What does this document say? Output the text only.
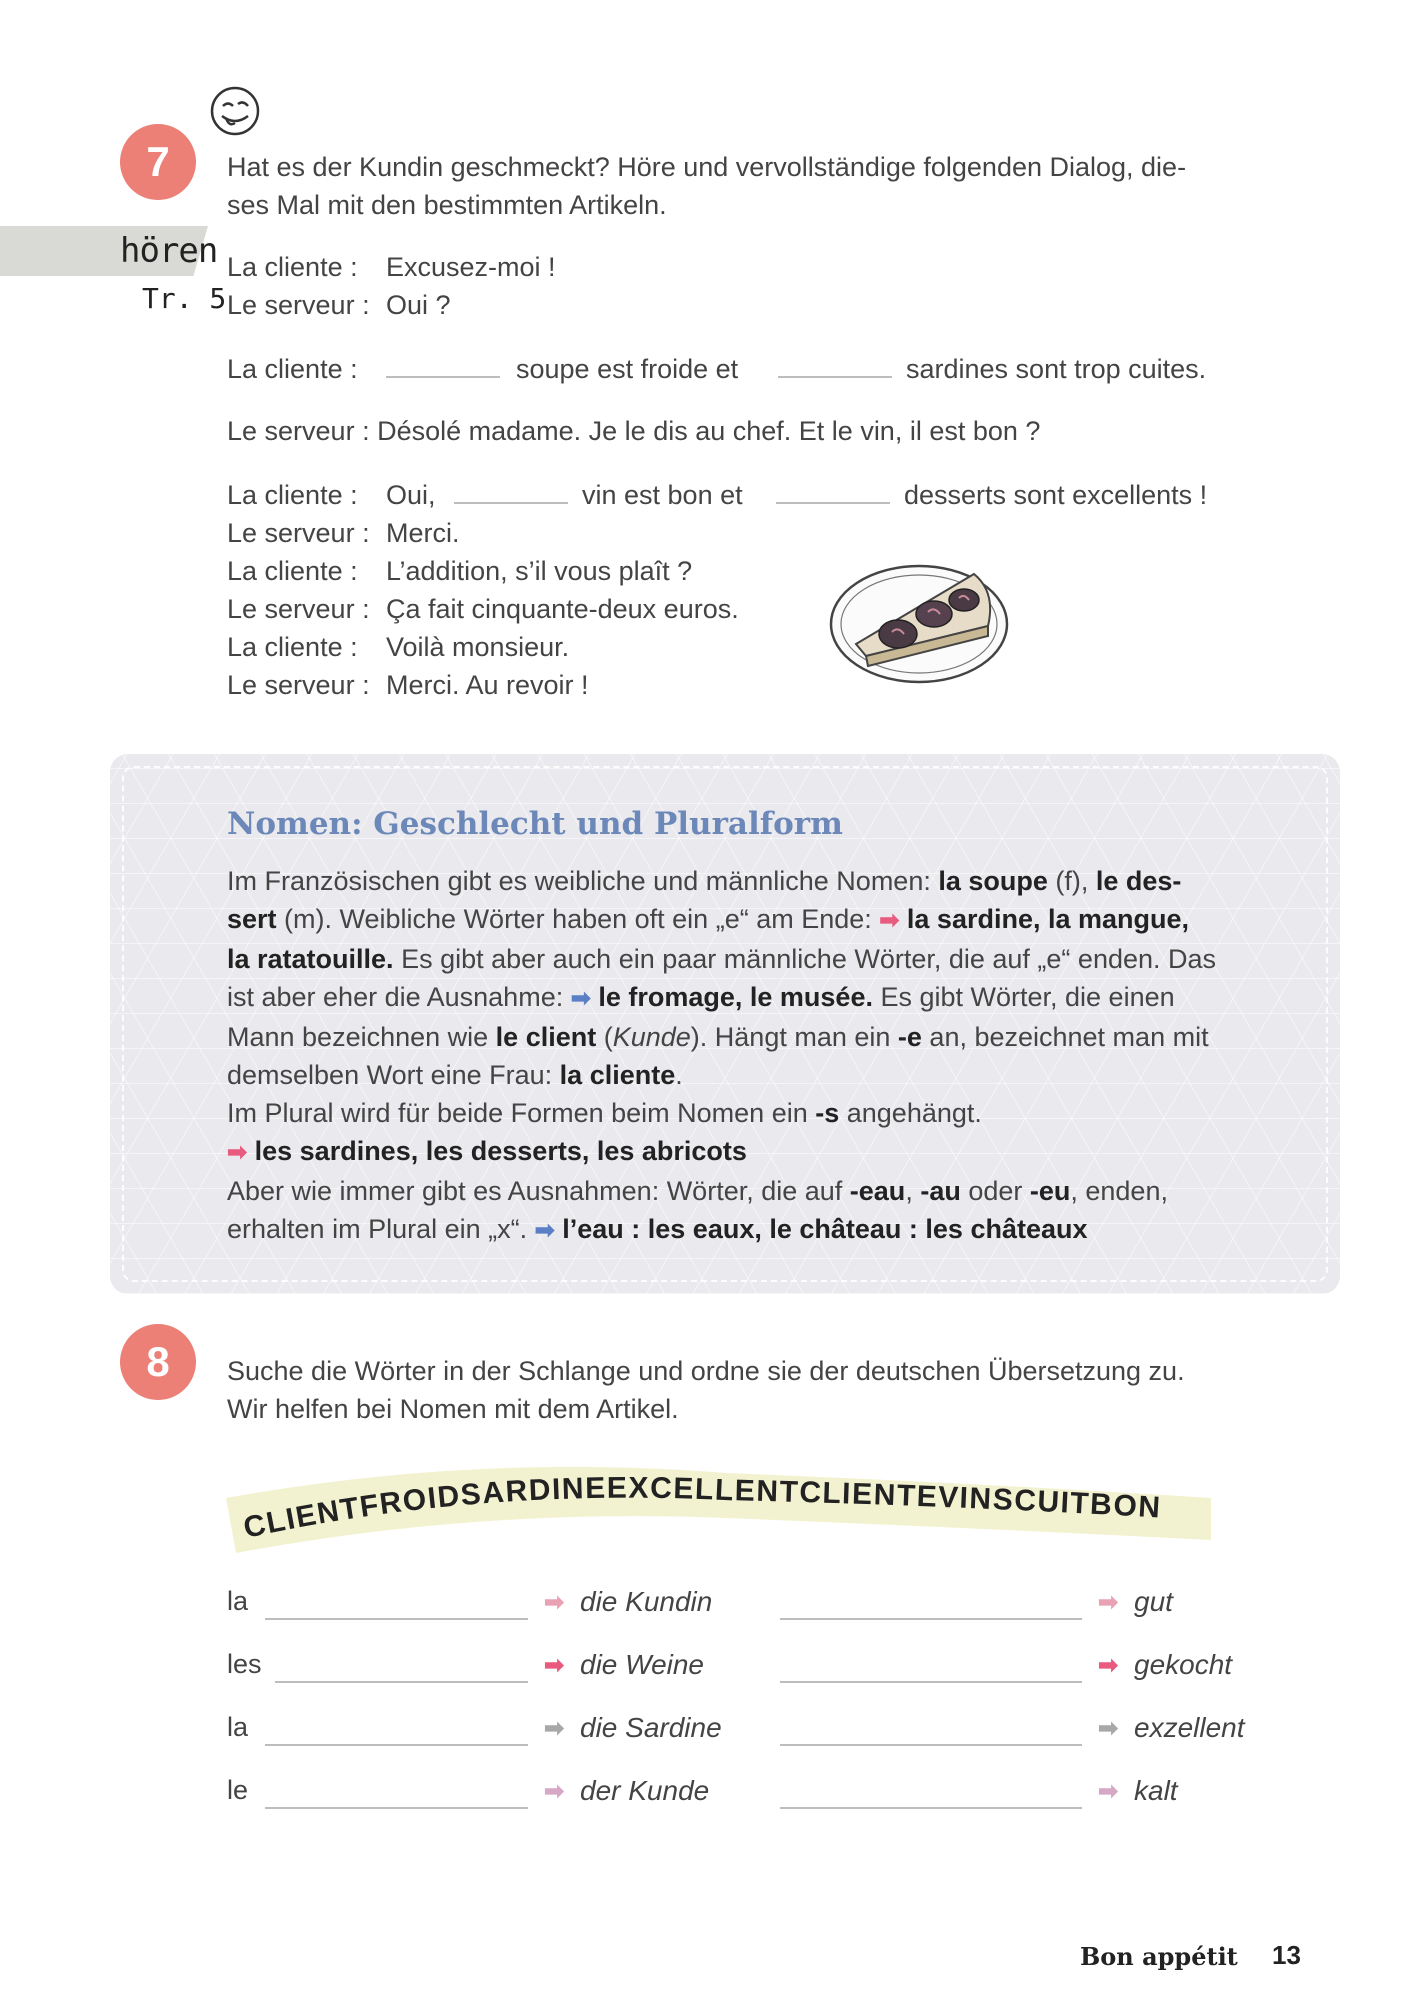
7 Hat es der Kundin geschmeckt? Höre und vervollständige folgenden Dialog, die-
ses Mal mit den bestimmten Artikeln.
hören
Tr. 5
La cliente : Excusez-moi !
Le serveur : Oui ?
La cliente :	soupe est froide et	sardines sont trop cuites.
Le serveur : Désolé madame. Je le dis au chef. Et le vin, il est bon ?
La cliente : Oui,	vin est bon et	desserts sont excellents !
Le serveur : Merci.
La cliente : L’addition, s’il vous plaît ?
Le serveur : Ça fait cinquante-deux euros.
La cliente : Voilà monsieur.
Le serveur : Merci. Au revoir !
Nomen: Geschlecht und Pluralform

Im Französischen gibt es weibliche und männliche Nomen: la soupe (f), le des-

sert (m). Weibliche Wörter haben oft ein „e“ am Ende: ➡ la sardine, la mangue,

la ratatouille. Es gibt aber auch ein paar männliche Wörter, die auf „e“ enden. Das

ist aber eher die Ausnahme: ➡ le fromage, le musée. Es gibt Wörter, die einen

Mann bezeichnen wie le client (Kunde). Hängt man ein -e an, bezeichnet man mit

demselben Wort eine Frau: la cliente.

Im Plural wird für beide Formen beim Nomen ein -s angehängt.

➡ les sardines, les desserts, les abricots

Aber wie immer gibt es Ausnahmen: Wörter, die auf -eau, -au oder -eu, enden,

erhalten im Plural ein „x“. ➡ l’eau : les eaux, le château : les châteaux

8 Suche die Wörter in der Schlange und ordne sie der deutschen Übersetzung zu.
Wir helfen bei Nomen mit dem Artikel.
CLIENTFROIDSARDINEEXCELLENTCLIENTEVINSCUITBON
la	➡ die Kundin	➡ gut
les	➡ die Weine	➡ gekocht
la	➡ die Sardine	➡ exzellent
le	➡ der Kunde	➡ kalt
Bon appétit 13
